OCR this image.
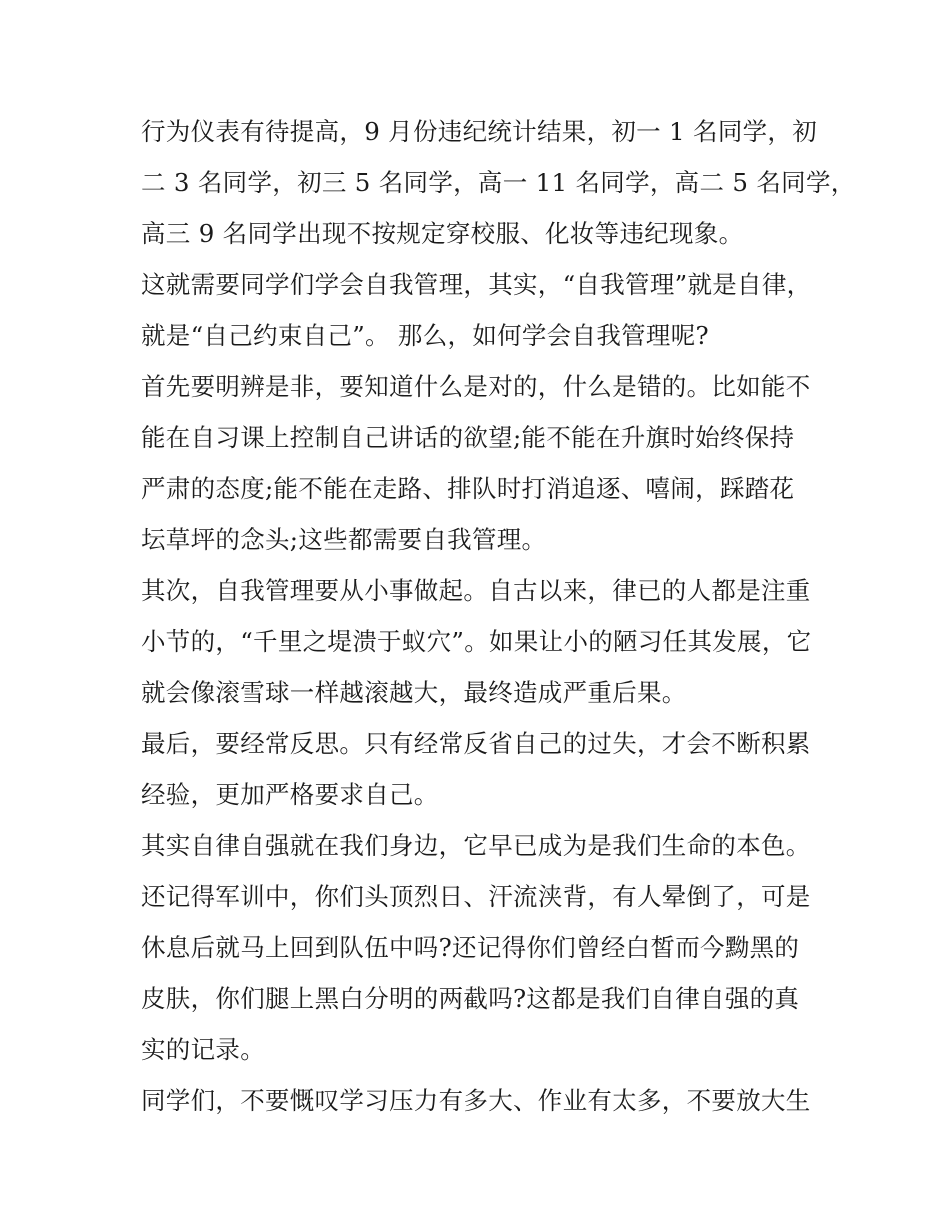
行为仪表有待提高，9 月份违纪统计结果，初一 1 名同学，初
二 3 名同学，初三 5 名同学，高一 11 名同学，高二 5 名同学，
高三 9 名同学出现不按规定穿校服、化妆等违纪现象。
这就需要同学们学会自我管理，其实，“自我管理”就是自律，
就是“自己约束自己”。 那么，如何学会自我管理呢?
首先要明辨是非，要知道什么是对的，什么是错的。比如能不
能在自习课上控制自己讲话的欲望;能不能在升旗时始终保持
严肃的态度;能不能在走路、排队时打消追逐、嘻闹，踩踏花
坛草坪的念头;这些都需要自我管理。
其次，自我管理要从小事做起。自古以来，律已的人都是注重
小节的，“千里之堤溃于蚁穴”。如果让小的陋习任其发展，它
就会像滚雪球一样越滚越大，最终造成严重后果。
最后，要经常反思。只有经常反省自己的过失，才会不断积累
经验，更加严格要求自己。
其实自律自强就在我们身边，它早已成为是我们生命的本色。
还记得军训中，你们头顶烈日、汗流浃背，有人晕倒了，可是
休息后就马上回到队伍中吗?还记得你们曾经白皙而今黝黑的
皮肤，你们腿上黑白分明的两截吗?这都是我们自律自强的真
实的记录。
同学们，不要慨叹学习压力有多大、作业有太多，不要放大生
